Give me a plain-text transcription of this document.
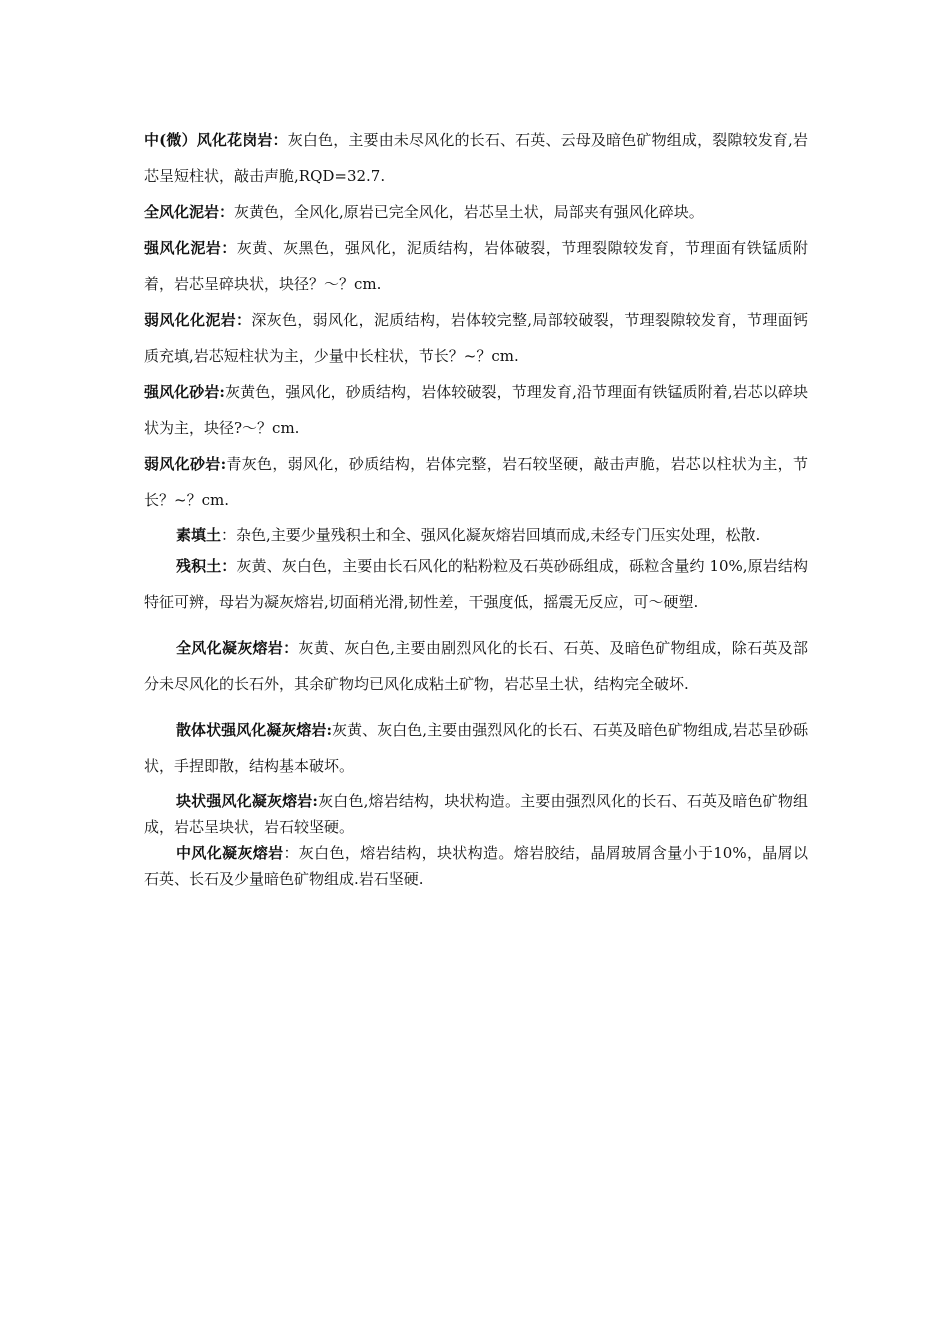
中(微）风化花岗岩：灰白色，主要由未尽风化的长石、石英、云母及暗色矿物组成，裂隙较发育,岩芯呈短柱状，敲击声脆,RQD=32.7.

全风化泥岩：灰黄色，全风化,原岩已完全风化，岩芯呈土状，局部夹有强风化碎块。

强风化泥岩：灰黄、灰黑色，强风化，泥质结构，岩体破裂，节理裂隙较发育，节理面有铁锰质附着，岩芯呈碎块状，块径？～？cm.

弱风化化泥岩：深灰色，弱风化，泥质结构，岩体较完整,局部较破裂，节理裂隙较发育，节理面钙质充填,岩芯短柱状为主，少量中长柱状，节长？~？cm.

强风化砂岩:灰黄色，强风化，砂质结构，岩体较破裂，节理发育,沿节理面有铁锰质附着,岩芯以碎块状为主，块径?～？cm.

弱风化砂岩:青灰色，弱风化，砂质结构，岩体完整，岩石较坚硬，敲击声脆，岩芯以柱状为主，节长？~？cm.

素填土：杂色,主要少量残积土和全、强风化凝灰熔岩回填而成,未经专门压实处理，松散.

残积土：灰黄、灰白色，主要由长石风化的粘粉粒及石英砂砾组成，砾粒含量约 10%,原岩结构特征可辨，母岩为凝灰熔岩,切面稍光滑,韧性差，干强度低，摇震无反应，可～硬塑.

全风化凝灰熔岩：灰黄、灰白色,主要由剧烈风化的长石、石英、及暗色矿物组成，除石英及部分未尽风化的长石外，其余矿物均已风化成粘土矿物，岩芯呈土状，结构完全破坏.

散体状强风化凝灰熔岩:灰黄、灰白色,主要由强烈风化的长石、石英及暗色矿物组成,岩芯呈砂砾状，手捏即散，结构基本破坏。

块状强风化凝灰熔岩:灰白色,熔岩结构，块状构造。主要由强烈风化的长石、石英及暗色矿物组成，岩芯呈块状，岩石较坚硬。

中风化凝灰熔岩：灰白色，熔岩结构，块状构造。熔岩胶结，晶屑玻屑含量小于10%，晶屑以石英、长石及少量暗色矿物组成.岩石坚硬.
